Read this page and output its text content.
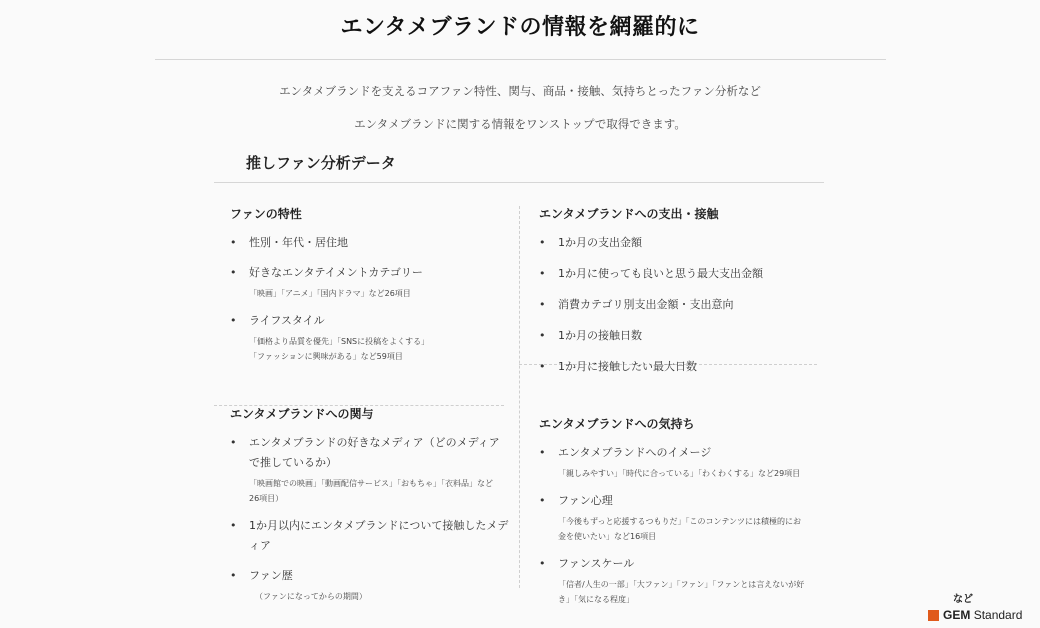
エンタメブランドの情報を網羅的に
エンタメブランドを支えるコアファン特性、関与、商品・接触、気持ちとったファン分析など
エンタメブランドに関する情報をワンストップで取得できます。
推しファン分析データ
ファンの特性
• 性別・年代・居住地
• 好きなエンタテイメントカテゴリー
「映画」「アニメ」「国内ドラマ」など26項目
• ライフスタイル
「価格より品質を優先」「SNSに投稿をよくする」
「ファッションに興味がある」など59項目
エンタメブランドへの関与
• エンタメブランドの好きなメディア（どのメディアで推しているか）
「映画館での映画」「動画配信サービス」「おもちゃ」「衣料品」など26項目）
• 1か月以内にエンタメブランドについて接触したメディア
• ファン歴
（ファンになってからの期間）
エンタメブランドへの支出・接触
• 1か月の支出金額
• 1か月に使っても良いと思う最大支出金額
• 消費カテゴリ別支出金額・支出意向
• 1か月の接触日数
• 1か月に接触したい最大日数
エンタメブランドへの気持ち
• エンタメブランドへのイメージ
「親しみやすい」「時代に合っている」「わくわくする」など29項目
• ファン心理
「今後もずっと応援するつもりだ」「このコンテンツには積極的にお金を使いたい」など16項目
• ファンスケール
「信者/人生の一部」「大ファン」「ファン」「ファンとは言えないが好き」「気になる程度」	など
GEM Standard
